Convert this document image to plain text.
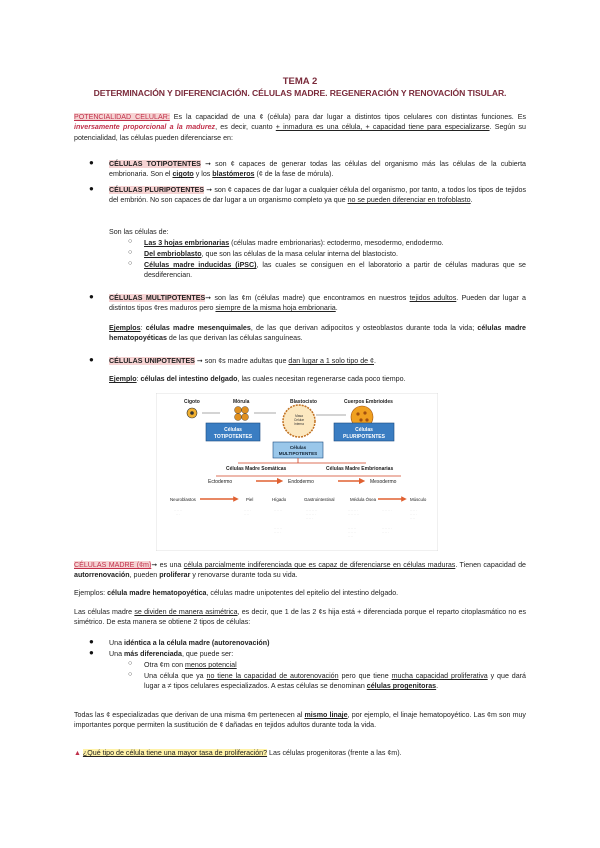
TEMA 2
DETERMINACIÓN Y DIFERENCIACIÓN. CÉLULAS MADRE. REGENERACIÓN Y RENOVACIÓN TISULAR.
POTENCIALIDAD CELULAR: Es la capacidad de una ¢ (célula) para dar lugar a distintos tipos celulares con distintas funciones. Es inversamente proporcional a la madurez, es decir, cuanto + inmadura es una célula, + capacidad tiene para especializarse. Según su potencialidad, las células pueden diferenciarse en:
● CÉLULAS TOTIPOTENTES ➞ son ¢ capaces de generar todas las células del organismo más las células de la cubierta embrionaria. Son el cigoto y los blastómeros (¢ de la fase de mórula).
● CÉLULAS PLURIPOTENTES ➞ son ¢ capaces de dar lugar a cualquier célula del organismo, por tanto, a todos los tipos de tejidos del embrión. No son capaces de dar lugar a un organismo completo ya que no se pueden diferenciar en trofoblasto.
Son las células de:
○ Las 3 hojas embrionarias (células madre embrionarias): ectodermo, mesodermo, endodermo.
○ Del embrioblasto, que son las células de la masa celular interna del blastocisto.
○ Células madre inducidas (iPSC), las cuales se consiguen en el laboratorio a partir de células maduras que se desdiferencian.
● CÉLULAS MULTIPOTENTES➞ son las ¢m (células madre) que encontramos en nuestros tejidos adultos. Pueden dar lugar a distintos tipos ¢res maduros pero siempre de la misma hoja embrionaria.
Ejemplos: células madre mesenquimales, de las que derivan adipocitos y osteoblastos durante toda la vida; células madre hematopoyéticas de las que derivan las células sanguíneas.
● CÉLULAS UNIPOTENTES ➞ son ¢s madre adultas que dan lugar a 1 solo tipo de ¢.
Ejemplo: células del intestino delgado, las cuales necesitan regenerarse cada poco tiempo.
Cigoto	Mórula	Blastocisto	Cuerpos Embrioides
Masa
Celular
Interna
Células
TOTIPOTENTES
Células
PLURIPOTENTES
Células
MULTIPOTENTES
Células Madre Somáticas	Células Madre Embrionarias
Ectodermo	Endodermo	Mesodermo
Neuroblastos	Piel	Hígado	Gastrointestinal	Médula Ósea	Músculo
· · · · · ·
· · ·
· · · · ·
· · · ·
· · · · · ·	· · · · · · · ·
· · · · · · ·
· · · · ·
· · · · · · ·
· · · · · · · ·
· · · · · · ·	· · · · ·
· · · · ·
· · · ·
· · · · · ·
· · · · ·
· · · · · ·
· · · · · ·
· · · ·
· · · · · · ·
· · · · ·
CÉLULAS MADRE (¢m)➞ es una célula parcialmente indiferenciada que es capaz de diferenciarse en células maduras. Tienen capacidad de autorrenovación, pueden proliferar y renovarse durante toda su vida.
Ejemplos: célula madre hematopoyética, células madre unipotentes del epitelio del intestino delgado.
Las células madre se dividen de manera asimétrica, es decir, que 1 de las 2 ¢s hija está + diferenciada porque el reparto citoplasmático no es simétrico. De esta manera se obtiene 2 tipos de células:
● Una idéntica a la célula madre (autorenovación)
● Una más diferenciada, que puede ser:
○ Otra ¢m con menos potencial
○ Una célula que ya no tiene la capacidad de autorenovación pero que tiene mucha capacidad proliferativa y que dará lugar a ≠ tipos celulares especializados. A estas células se denominan células progenitoras.
Todas las ¢ especializadas que derivan de una misma ¢m pertenecen al mismo linaje, por ejemplo, el linaje hematopoyético. Las ¢m son muy importantes porque permiten la sustitución de ¢ dañadas en tejidos adultos durante toda la vida.
▲ ¿Qué tipo de célula tiene una mayor tasa de proliferación? Las células progenitoras (frente a las ¢m).
